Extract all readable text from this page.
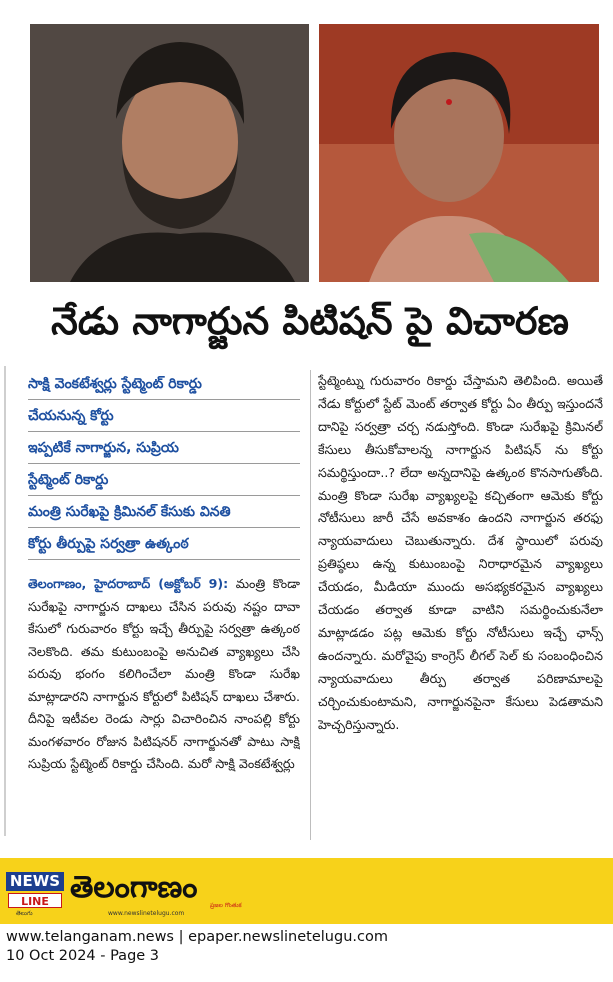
నేడు నాగార్జున పిటిషన్ పై విచారణ
సాక్షి వెంకటేశ్వర్లు స్టేట్మెంట్ రికార్డు
చేయనున్న కోర్టు
ఇప్పటికే నాగార్జున, సుప్రియ
స్టేట్మెంట్ రికార్డు
మంత్రి సురేఖపై క్రిమినల్ కేసుకు వినతి
కోర్టు తీర్పుపై సర్వత్రా ఉత్కంఠ
తెలంగాణం, హైదరాబాద్ (అక్టోబర్ 9): మంత్రి కొండా సురేఖపై నాగార్జున దాఖలు చేసిన పరువు నష్టం దావా కేసులో గురువారం కోర్టు ఇచ్చే తీర్పుపై సర్వత్రా ఉత్కంఠ నెలకొంది. తమ కుటుంబంపై అనుచిత వ్యాఖ్యలు చేసి పరువు భంగం కలిగించేలా మంత్రి కొండా సురేఖ మాట్లాడారని నాగార్జున కోర్టులో పిటిషన్ దాఖలు చేశారు. దీనిపై ఇటీవల రెండు సార్లు విచారించిన నాంపల్లి కోర్టు మంగళవారం రోజున పిటిషనర్ నాగార్జునతో పాటు సాక్షి సుప్రియ స్టేట్మెంట్ రికార్డు చేసింది. మరో సాక్షి వెంకటేశ్వర్లు
స్టేట్మెంట్ను గురువారం రికార్డు చేస్తామని తెలిపింది. అయితే నేడు కోర్టులో స్టేట్ మెంట్ తర్వాత కోర్టు ఏం తీర్పు ఇస్తుందనే దానిపై సర్వత్రా చర్చ నడుస్తోంది. కొండా సురేఖపై క్రిమినల్ కేసులు తీసుకోవాలన్న నాగార్జున పిటిషన్ ను కోర్టు సమర్థిస్తుందా..? లేదా అన్నదానిపై ఉత్కంఠ కొనసాగుతోంది. మంత్రి కొండా సురేఖ వ్యాఖ్యలపై కచ్చితంగా ఆమెకు కోర్టు నోటీసులు జారీ చేసే అవకాశం ఉందని నాగార్జున తరఫు న్యాయవాదులు చెబుతున్నారు. దేశ స్థాయిలో పరువు ప్రతిష్ఠలు ఉన్న కుటుంబంపై నిరాధారమైన వ్యాఖ్యలు చేయడం, మీడియా ముందు అసభ్యకరమైన వ్యాఖ్యలు చేయడం తర్వాత కూడా వాటిని సమర్థించుకునేలా మాట్లాడడం పట్ల ఆమెకు కోర్టు నోటీసులు ఇచ్చే ఛాన్స్ ఉందన్నారు. మరోవైపు కాంగ్రెస్ లీగల్ సెల్ కు సంబంధించిన న్యాయవాదులు తీర్పు తర్వాత పరిణామాలపై చర్చించుకుంటామని, నాగార్జునపైనా కేసులు పెడతామని హెచ్చరిస్తున్నారు.
NEWS
LINE
తెలుగు
తెలంగాణం
www.newslinetelugu.com
ప్రజల గొంతుక
www.telanganam.news | epaper.newslinetelugu.com
10 Oct 2024 - Page 3
